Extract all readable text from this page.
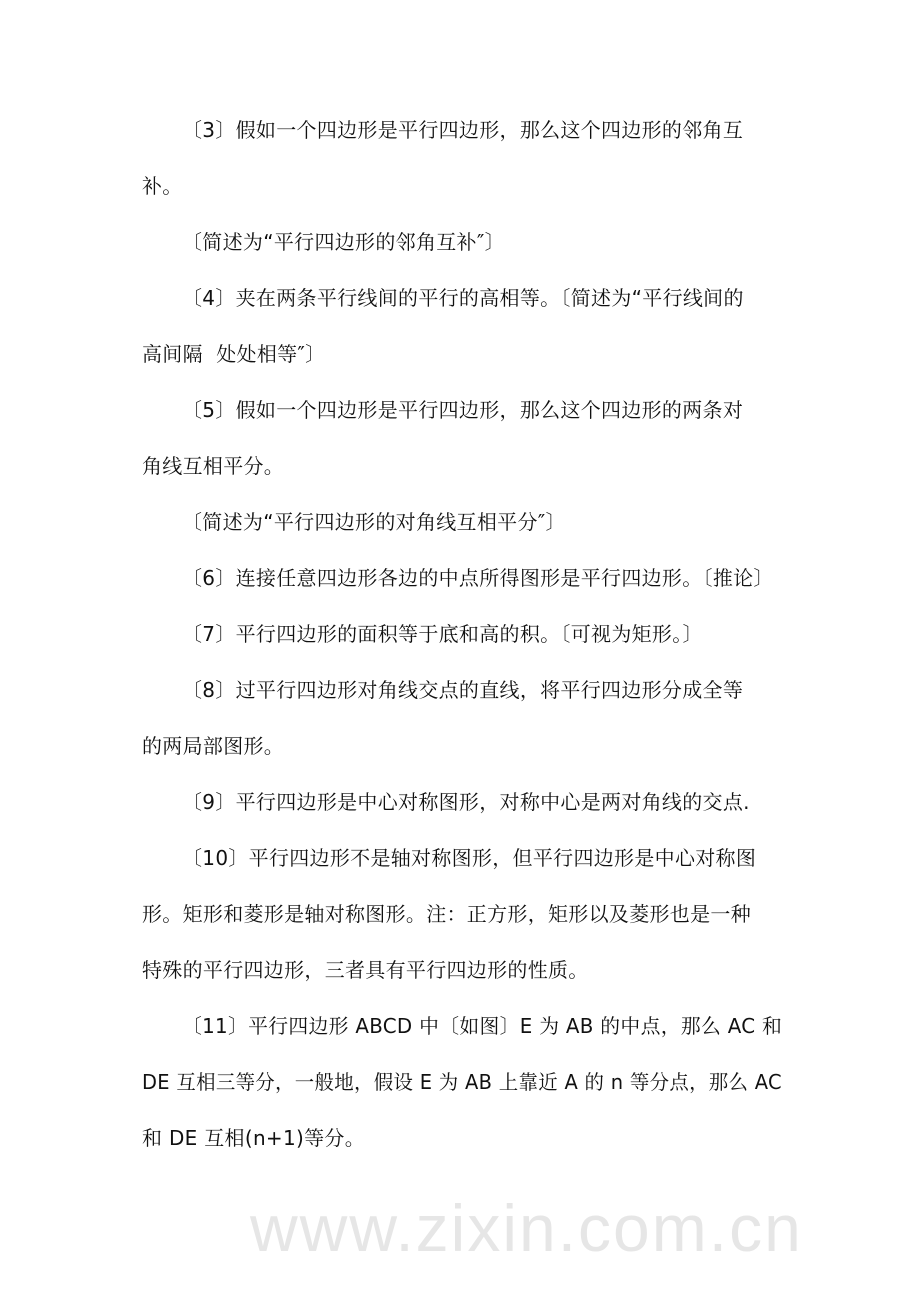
www.zixin.com.cn
〔3〕假如一个四边形是平行四边形，那么这个四边形的邻角互
补。
〔简述为“平行四边形的邻角互补″〕
〔4〕夹在两条平行线间的平行的高相等。〔简述为“平行线间的
高间隔  处处相等″〕
〔5〕假如一个四边形是平行四边形，那么这个四边形的两条对
角线互相平分。
〔简述为“平行四边形的对角线互相平分″〕
〔6〕连接任意四边形各边的中点所得图形是平行四边形。〔推论〕
〔7〕平行四边形的面积等于底和高的积。〔可视为矩形。〕
〔8〕过平行四边形对角线交点的直线，将平行四边形分成全等
的两局部图形。
〔9〕平行四边形是中心对称图形，对称中心是两对角线的交点.
〔10〕平行四边形不是轴对称图形，但平行四边形是中心对称图
形。矩形和菱形是轴对称图形。注：正方形，矩形以及菱形也是一种
特殊的平行四边形，三者具有平行四边形的性质。
〔11〕平行四边形 ABCD 中〔如图〕E 为 AB 的中点，那么 AC 和
DE 互相三等分，一般地，假设 E 为 AB 上靠近 A 的 n 等分点，那么 AC
和 DE 互相(n+1)等分。
